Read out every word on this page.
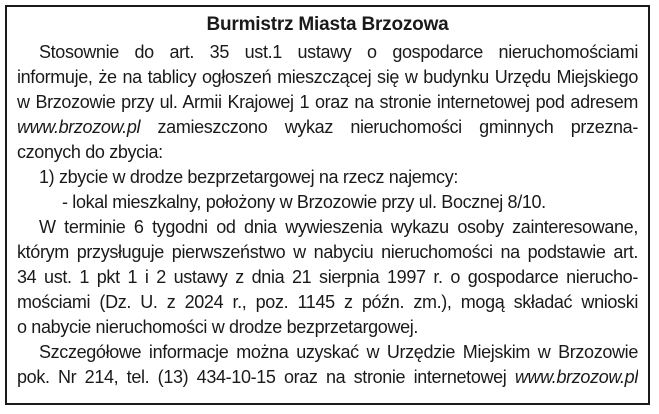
Burmistrz Miasta Brzozowa
Stosownie do art. 35 ust.1 ustawy o gospodarce nieruchomościami
informuje, że na tablicy ogłoszeń mieszczącej się w budynku Urzędu Miejskiego
w Brzozowie przy ul. Armii Krajowej 1 oraz na stronie internetowej pod adresem
www.brzozow.pl zamieszczono wykaz nieruchomości gminnych przezna-
czonych do zbycia:
1) zbycie w drodze bezprzetargowej na rzecz najemcy:
- lokal mieszkalny, położony w Brzozowie przy ul. Bocznej 8/10.
W terminie 6 tygodni od dnia wywieszenia wykazu osoby zainteresowane,
którym przysługuje pierwszeństwo w nabyciu nieruchomości na podstawie art.
34 ust. 1 pkt 1 i 2 ustawy z dnia 21 sierpnia 1997 r. o gospodarce nierucho-
mościami (Dz. U. z 2024 r., poz. 1145 z późn. zm.), mogą składać wnioski
o nabycie nieruchomości w drodze bezprzetargowej.
Szczegółowe informacje można uzyskać w Urzędzie Miejskim w Brzozowie
pok. Nr 214, tel. (13) 434-10-15 oraz na stronie internetowej www.brzozow.pl
